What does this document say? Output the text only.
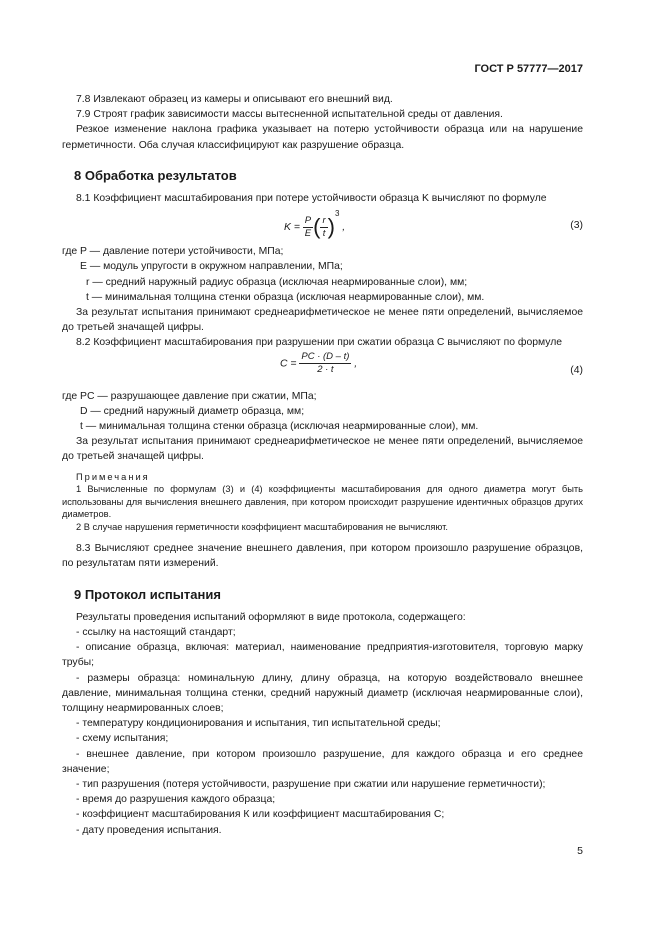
ГОСТ Р 57777—2017
7.8 Извлекают образец из камеры и описывают его внешний вид.
7.9 Строят график зависимости массы вытесненной испытательной среды от давления.
Резкое изменение наклона графика указывает на потерю устойчивости образца или на нарушение герметичности. Оба случая классифицируют как разрушение образца.
8 Обработка результатов
8.1 Коэффициент масштабирования при потере устойчивости образца K вычисляют по формуле
$K = \frac{P}{E}$ ( $\frac{r}{t} )^3$ ,	(3)
где P — давление потери устойчивости, МПа;
E — модуль упругости в окружном направлении, МПа;
r — средний наружный радиус образца (исключая неармированные слои), мм;
t — минимальная толщина стенки образца (исключая неармированные слои), мм.
За результат испытания принимают среднеарифметическое не менее пяти определений, вычисляемое до третьей значащей цифры.
8.2 Коэффициент масштабирования при разрушении при сжатии образца C вычисляют по формуле
$C = \frac{PC \cdot (D - t)}{2 \cdot t}$ ,
(4)
где PC — разрушающее давление при сжатии, МПа;
D — средний наружный диаметр образца, мм;
t — минимальная толщина стенки образца (исключая неармированные слои), мм.
За результат испытания принимают среднеарифметическое не менее пяти определений, вычисляемое до третьей значащей цифры.
Примечания
1 Вычисленные по формулам (3) и (4) коэффициенты масштабирования для одного диаметра могут быть использованы для вычисления внешнего давления, при котором происходит разрушение идентичных образцов других диаметров.
2 В случае нарушения герметичности коэффициент масштабирования не вычисляют.
8.3 Вычисляют среднее значение внешнего давления, при котором произошло разрушение образцов, по результатам пяти измерений.
9 Протокол испытания
Результаты проведения испытаний оформляют в виде протокола, содержащего:
- ссылку на настоящий стандарт;
- описание образца, включая: материал, наименование предприятия-изготовителя, торговую марку трубы;
- размеры образца: номинальную длину, длину образца, на которую воздействовало внешнее давление, минимальная толщина стенки, средний наружный диаметр (исключая неармированные слои), толщину неармированных слоев;
- температуру кондиционирования и испытания, тип испытательной среды;
- схему испытания;
- внешнее давление, при котором произошло разрушение, для каждого образца и его среднее значение;
- тип разрушения (потеря устойчивости, разрушение при сжатии или нарушение герметичности);
- время до разрушения каждого образца;
- коэффициент масштабирования К или коэффициент масштабирования С;
- дату проведения испытания.
5
